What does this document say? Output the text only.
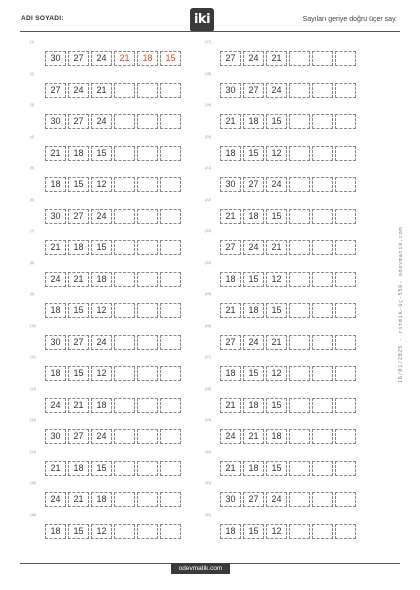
ADI SOYADI:	iki	Sayıları geriye doğru üçer say.
(1)
30	27	24	21	18	15
(2)
27	24	21
(3)
30	27	24
(4)
21	18	15
(5)
18	15	12
(6)
30	27	24
(7)
21	18	15
(8)
24	21	18
(9)
18	15	12
(10)
30	27	24
(11)
18	15	12
(12)
24	21	18
(13)
30	27	24
(14)
21	18	15
(15)
24	21	18
(16)
18	15	12
(17)
27	24	21
(18)
30	27	24
(19)
21	18	15
(20)
18	15	12
(21)
30	27	24
(22)
21	18	15
(23)
27	24	21
(24)
18	15	12
(25)
21	18	15
(26)
27	24	21
(27)
18	15	12
(28)
21	18	15
(29)
24	21	18
(30)
21	18	15
(31)
30	27	24
(32)
18	15	12
16/01/2025 - ritmik-üç-556- odevmatik.com
odevmatik.com
